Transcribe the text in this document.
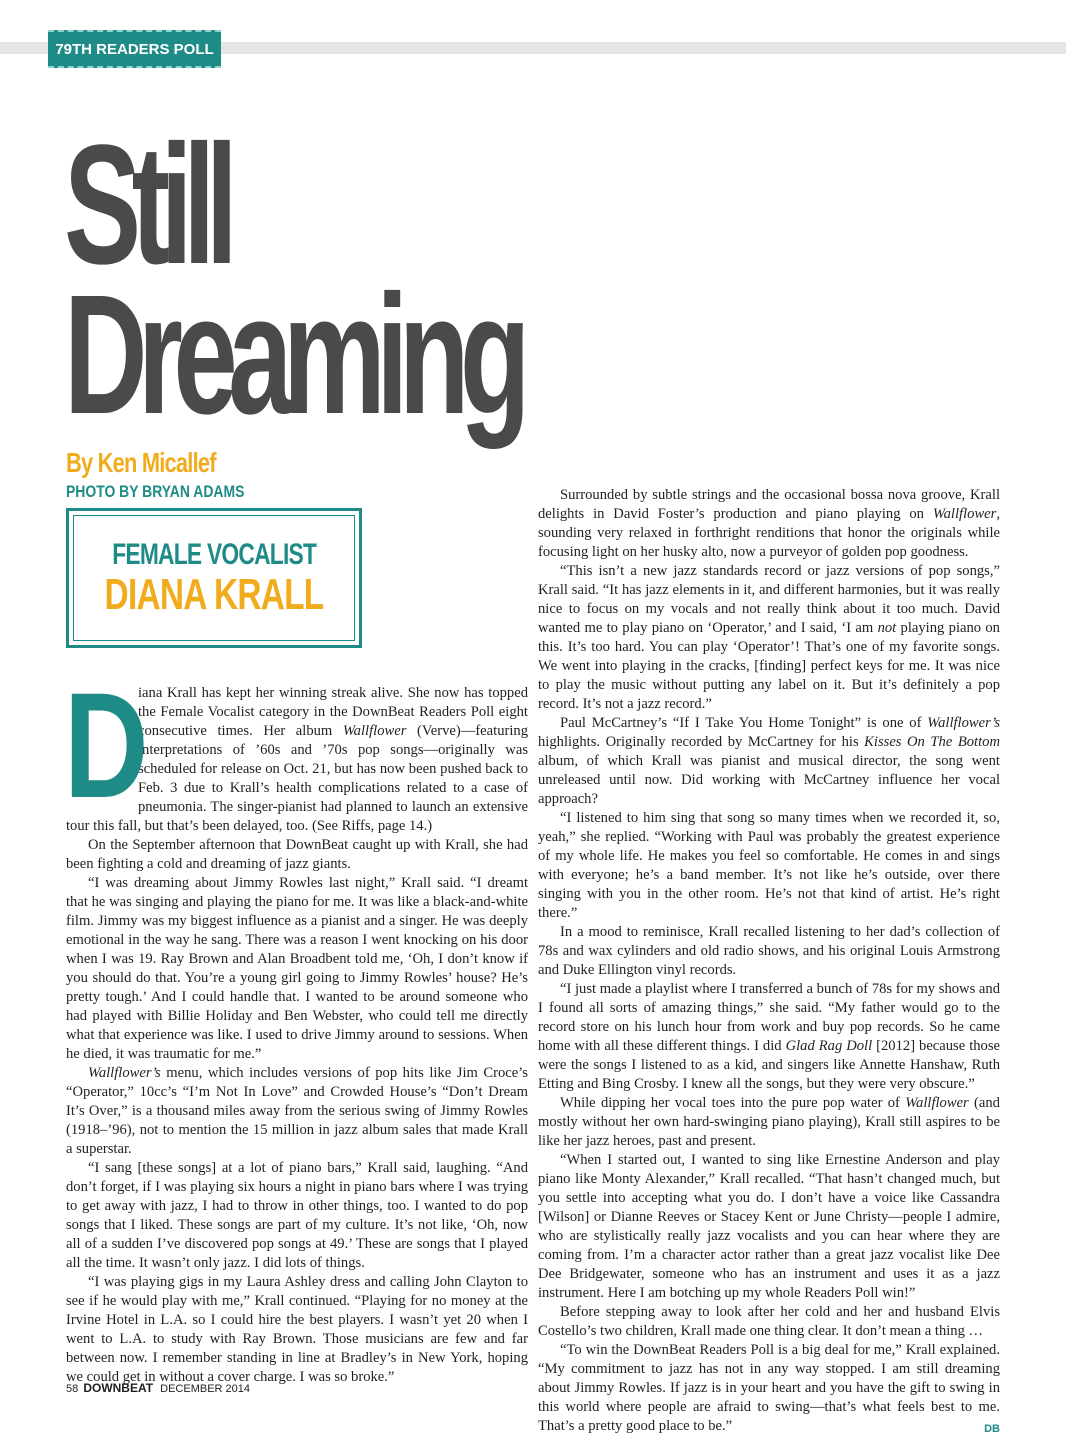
79TH READERS POLL
Still
Dreaming
By Ken Micallef
PHOTO BY BRYAN ADAMS
FEMALE VOCALIST
DIANA KRALL

D
iana Krall has kept her winning streak alive. She now has topped the Female Vocalist category in the DownBeat Readers Poll eight consecutive times. Her album Wallflower (Verve)—featuring interpretations of ’60s and ’70s pop songs—originally was scheduled for release on Oct. 21, but has now been pushed back to Feb. 3 due to Krall’s health complications related to a case of pneumonia. The singer-pianist had planned to launch an extensive tour this fall, but that’s been delayed, too. (See Riffs, page 14.)

On the September afternoon that DownBeat caught up with Krall, she had been fighting a cold and dreaming of jazz giants.

“I was dreaming about Jimmy Rowles last night,” Krall said. “I dreamt that he was singing and playing the piano for me. It was like a black-and-white film. Jimmy was my biggest influence as a pianist and a singer. He was deeply emotional in the way he sang. There was a reason I went knocking on his door when I was 19. Ray Brown and Alan Broadbent told me, ‘Oh, I don’t know if you should do that. You’re a young girl going to Jimmy Rowles’ house? He’s pretty tough.’ And I could handle that. I wanted to be around someone who had played with Billie Holiday and Ben Webster, who could tell me directly what that experience was like. I used to drive Jimmy around to sessions. When he died, it was traumatic for me.”

Wallflower’s menu, which includes versions of pop hits like Jim Croce’s “Operator,” 10cc’s “I’m Not In Love” and Crowded House’s “Don’t Dream It’s Over,” is a thousand miles away from the serious swing of Jimmy Rowles (1918–’96), not to mention the 15 million in jazz album sales that made Krall a superstar.

“I sang [these songs] at a lot of piano bars,” Krall said, laughing. “And don’t forget, if I was playing six hours a night in piano bars where I was trying to get away with jazz, I had to throw in other things, too. I wanted to do pop songs that I liked. These songs are part of my culture. It’s not like, ‘Oh, now all of a sudden I’ve discovered pop songs at 49.’ These are songs that I played all the time. It wasn’t only jazz. I did lots of things.

“I was playing gigs in my Laura Ashley dress and calling John Clayton to see if he would play with me,” Krall continued. “Playing for no money at the Irvine Hotel in L.A. so I could hire the best players. I wasn’t yet 20 when I went to L.A. to study with Ray Brown. Those musicians are few and far between now. I remember standing in line at Bradley’s in New York, hoping we could get in without a cover charge. I was so broke.”

Surrounded by subtle strings and the occasional bossa nova groove, Krall delights in David Foster’s production and piano playing on Wallflower, sounding very relaxed in forthright renditions that honor the originals while focusing light on her husky alto, now a purveyor of golden pop goodness.

“This isn’t a new jazz standards record or jazz versions of pop songs,” Krall said. “It has jazz elements in it, and different harmonies, but it was really nice to focus on my vocals and not really think about it too much. David wanted me to play piano on ‘Operator,’ and I said, ‘I am not playing piano on this. It’s too hard. You can play ‘Operator’! That’s one of my favorite songs. We went into playing in the cracks, [finding] perfect keys for me. It was nice to play the music without putting any label on it. But it’s definitely a pop record. It’s not a jazz record.”

Paul McCartney’s “If I Take You Home Tonight” is one of Wallflower’s highlights. Originally recorded by McCartney for his Kisses On The Bottom album, of which Krall was pianist and musical director, the song went unreleased until now. Did working with McCartney influence her vocal approach?

“I listened to him sing that song so many times when we recorded it, so, yeah,” she replied. “Working with Paul was probably the greatest experience of my whole life. He makes you feel so comfortable. He comes in and sings with everyone; he’s a band member. It’s not like he’s outside, over there singing with you in the other room. He’s not that kind of artist. He’s right there.”

In a mood to reminisce, Krall recalled listening to her dad’s collection of 78s and wax cylinders and old radio shows, and his original Louis Armstrong and Duke Ellington vinyl records.

“I just made a playlist where I transferred a bunch of 78s for my shows and I found all sorts of amazing things,” she said. “My father would go to the record store on his lunch hour from work and buy pop records. So he came home with all these different things. I did Glad Rag Doll [2012] because those were the songs I listened to as a kid, and singers like Annette Hanshaw, Ruth Etting and Bing Crosby. I knew all the songs, but they were very obscure.”

While dipping her vocal toes into the pure pop water of Wallflower (and mostly without her own hard-swinging piano playing), Krall still aspires to be like her jazz heroes, past and present.

“When I started out, I wanted to sing like Ernestine Anderson and play piano like Monty Alexander,” Krall recalled. “That hasn’t changed much, but you settle into accepting what you do. I don’t have a voice like Cassandra [Wilson] or Dianne Reeves or Stacey Kent or June Christy—people I admire, who are stylistically really jazz vocalists and you can hear where they are coming from. I’m a character actor rather than a great jazz vocalist like Dee Dee Bridgewater, someone who has an instrument and uses it as a jazz instrument. Here I am botching up my whole Readers Poll win!”

Before stepping away to look after her cold and her and husband Elvis Costello’s two children, Krall made one thing clear. It don’t mean a thing …

“To win the DownBeat Readers Poll is a big deal for me,” Krall explained. “My commitment to jazz has not in any way stopped. I am still dreaming about Jimmy Rowles. If jazz is in your heart and you have the gift to swing in this world where people are afraid to swing—that’s what feels best to me. That’s a pretty good place to be.”	DB

58 DOWNBEAT DECEMBER 2014
